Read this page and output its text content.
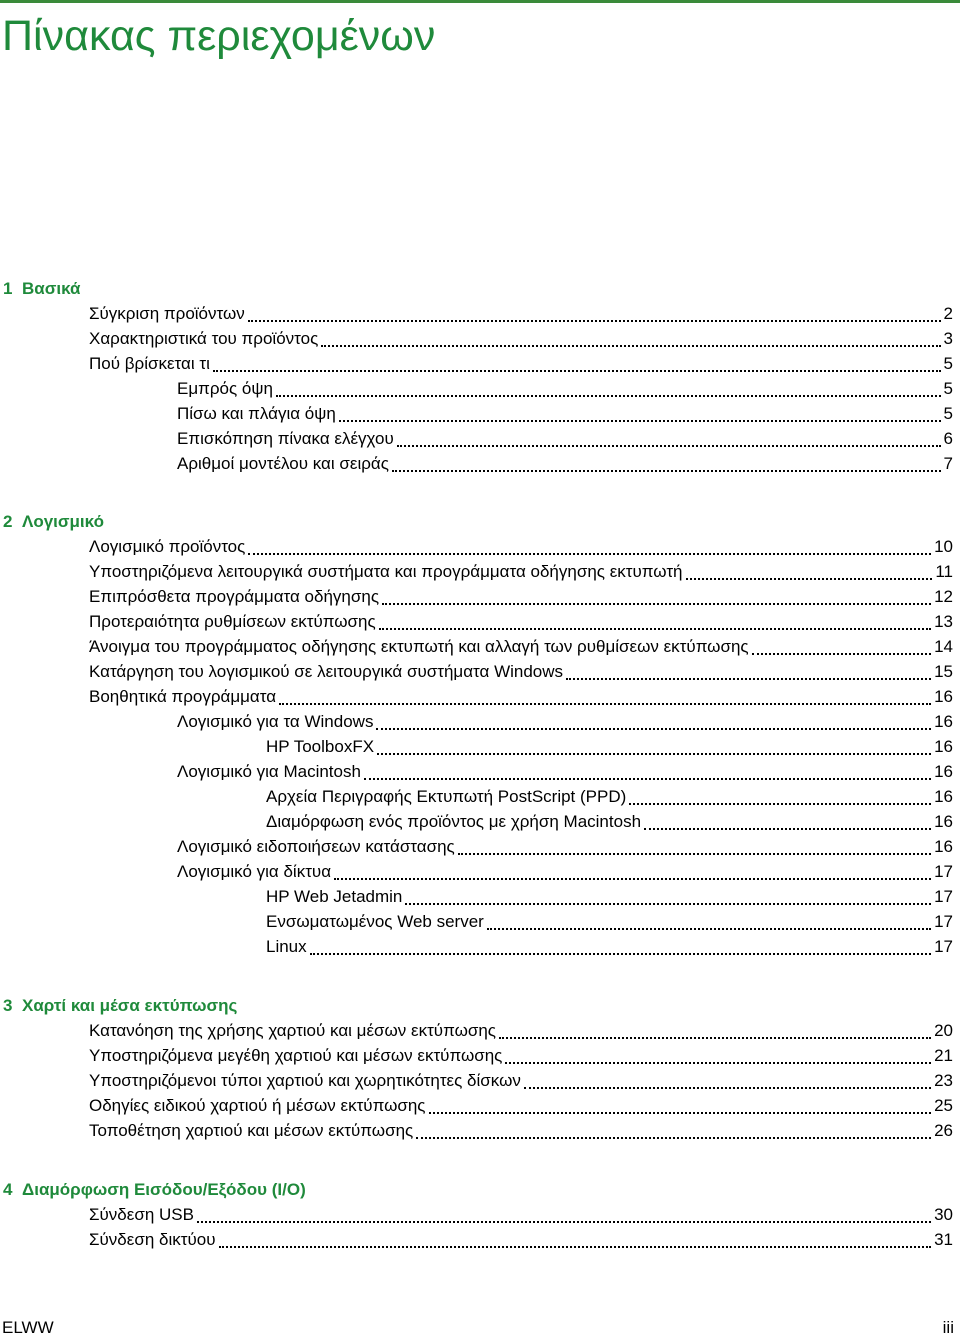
Πίνακας περιεχομένων
1 Βασικά
Σύγκριση προϊόντων	2
Χαρακτηριστικά του προϊόντος	3
Πού βρίσκεται τι	5
Εμπρός όψη	5
Πίσω και πλάγια όψη	5
Επισκόπηση πίνακα ελέγχου	6
Αριθμοί μοντέλου και σειράς	7
2 Λογισμικό
Λογισμικό προϊόντος	10
Υποστηριζόμενα λειτουργικά συστήματα και προγράμματα οδήγησης εκτυπωτή	11
Επιπρόσθετα προγράμματα οδήγησης	12
Προτεραιότητα ρυθμίσεων εκτύπωσης	13
Άνοιγμα του προγράμματος οδήγησης εκτυπωτή και αλλαγή των ρυθμίσεων εκτύπωσης	14
Κατάργηση του λογισμικού σε λειτουργικά συστήματα Windows	15
Βοηθητικά προγράμματα	16
Λογισμικό για τα Windows	16
HP ToolboxFX	16
Λογισμικό για Macintosh	16
Αρχεία Περιγραφής Εκτυπωτή PostScript (PPD)	16
Διαμόρφωση ενός προϊόντος με χρήση Macintosh	16
Λογισμικό ειδοποιήσεων κατάστασης	16
Λογισμικό για δίκτυα	17
HP Web Jetadmin	17
Ενσωματωμένος Web server	17
Linux	17
3 Χαρτί και μέσα εκτύπωσης
Κατανόηση της χρήσης χαρτιού και μέσων εκτύπωσης	20
Υποστηριζόμενα μεγέθη χαρτιού και μέσων εκτύπωσης	21
Υποστηριζόμενοι τύποι χαρτιού και χωρητικότητες δίσκων	23
Οδηγίες ειδικού χαρτιού ή μέσων εκτύπωσης	25
Τοποθέτηση χαρτιού και μέσων εκτύπωσης	26
4 Διαμόρφωση Εισόδου/Εξόδου (I/O)
Σύνδεση USB	30
Σύνδεση δικτύου	31
ELWW	iii
